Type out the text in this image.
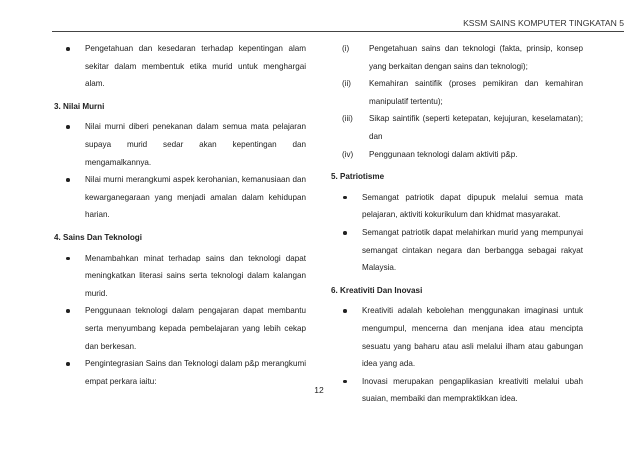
KSSM SAINS KOMPUTER TINGKATAN 5
Pengetahuan dan kesedaran terhadap kepentingan alam sekitar dalam membentuk etika murid untuk menghargai alam.
3. Nilai Murni
Nilai murni diberi penekanan dalam semua mata pelajaran supaya murid sedar akan kepentingan dan mengamalkannya.
Nilai murni merangkumi aspek kerohanian, kemanusiaan dan kewarganegaraan yang menjadi amalan dalam kehidupan harian.
4. Sains Dan Teknologi
Menambahkan minat terhadap sains dan teknologi dapat meningkatkan literasi sains serta teknologi dalam kalangan murid.
Penggunaan teknologi dalam pengajaran dapat membantu serta menyumbang kepada pembelajaran yang lebih cekap dan berkesan.
Pengintegrasian Sains dan Teknologi dalam p&p merangkumi empat perkara iaitu:
(i) Pengetahuan sains dan teknologi (fakta, prinsip, konsep yang berkaitan dengan sains dan teknologi);
(ii) Kemahiran saintifik (proses pemikiran dan kemahiran manipulatif tertentu);
(iii) Sikap saintifik (seperti ketepatan, kejujuran, keselamatan); dan
(iv) Penggunaan teknologi dalam aktiviti p&p.
5. Patriotisme
Semangat patriotik dapat dipupuk melalui semua mata pelajaran, aktiviti kokurikulum dan khidmat masyarakat.
Semangat patriotik dapat melahirkan murid yang mempunyai semangat cintakan negara dan berbangga sebagai rakyat Malaysia.
6. Kreativiti Dan Inovasi
Kreativiti adalah kebolehan menggunakan imaginasi untuk mengumpul, mencerna dan menjana idea atau mencipta sesuatu yang baharu atau asli melalui ilham atau gabungan idea yang ada.
Inovasi merupakan pengaplikasian kreativiti melalui ubah suaian, membaiki dan mempraktikkan idea.
12
